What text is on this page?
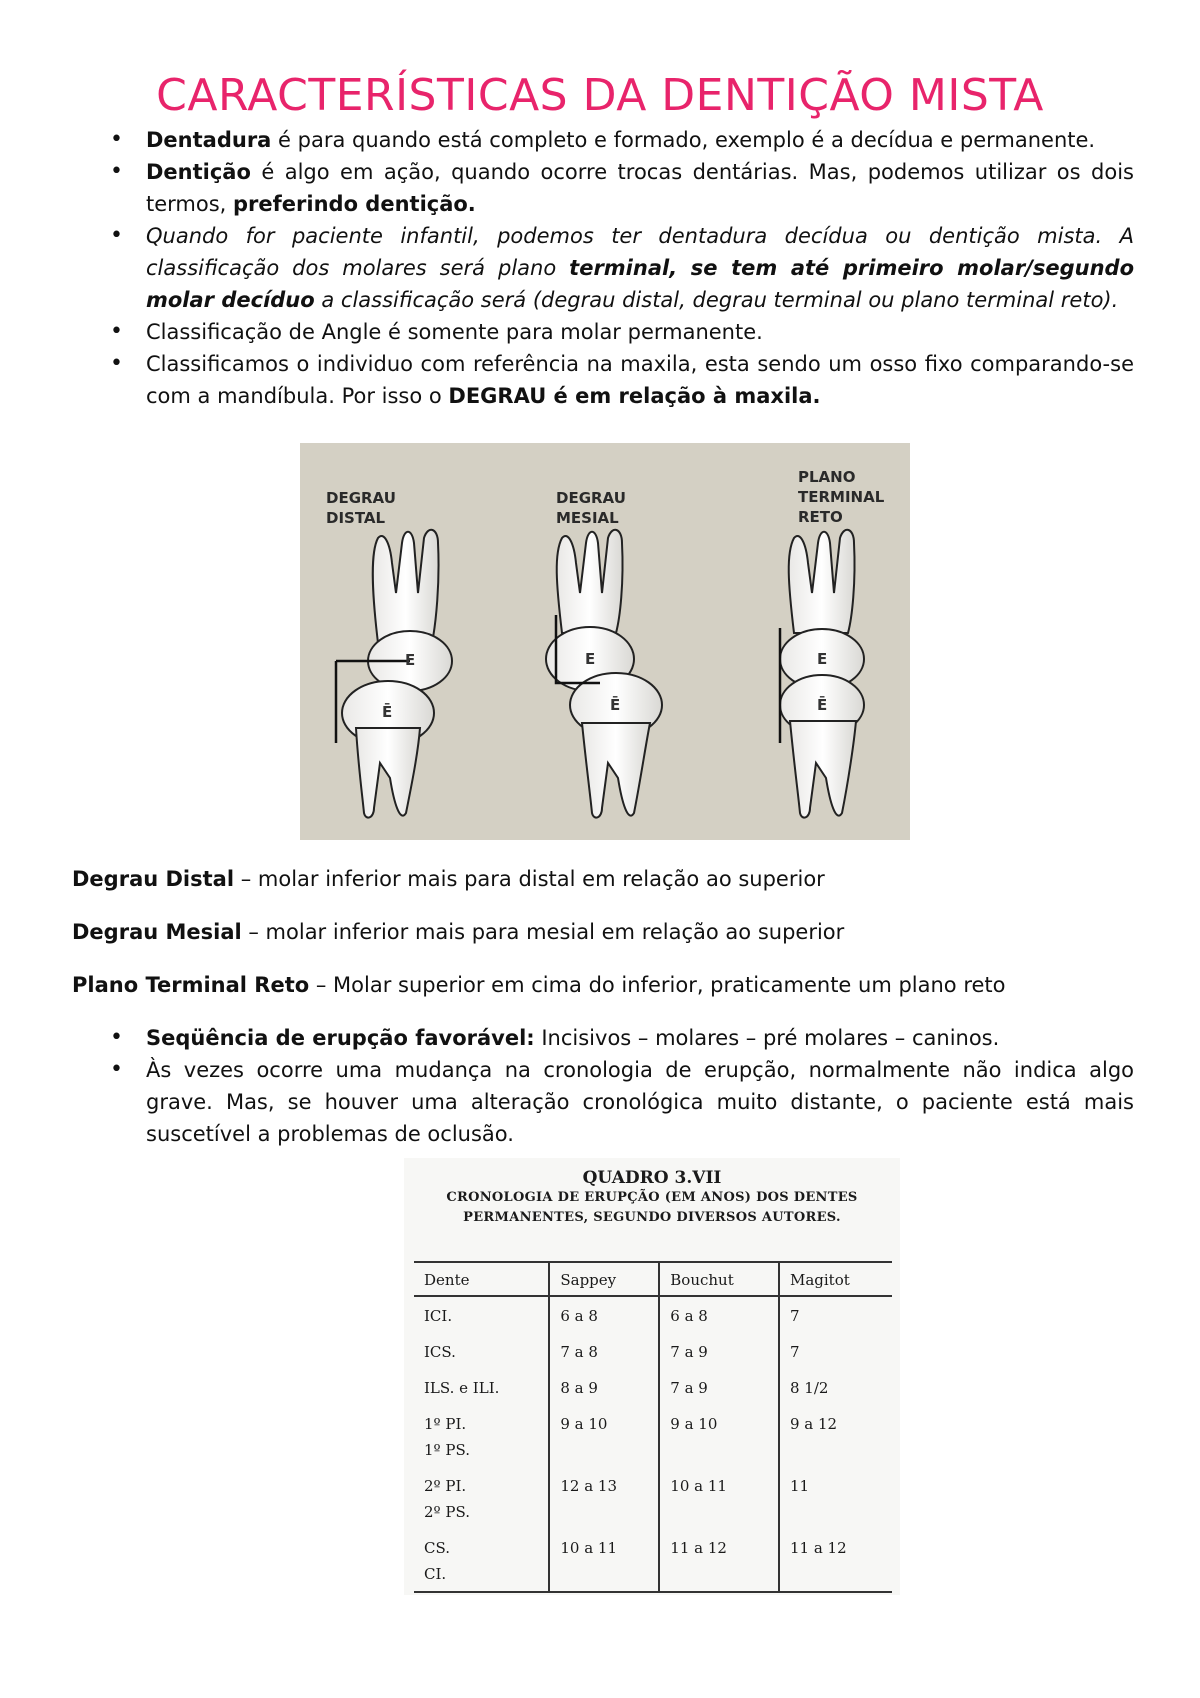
CARACTERÍSTICAS DA DENTIÇÃO MISTA
• Dentadura é para quando está completo e formado, exemplo é a decídua e permanente.
• Dentição é algo em ação, quando ocorre trocas dentárias. Mas, podemos utilizar os dois termos, preferindo dentição.
• Quando for paciente infantil, podemos ter dentadura decídua ou dentição mista. A classificação dos molares será plano terminal, se tem até primeiro molar/segundo molar decíduo a classificação será (degrau distal, degrau terminal ou plano terminal reto).
• Classificação de Angle é somente para molar permanente.
• Classificamos o individuo com referência na maxila, esta sendo um osso fixo comparando-se com a mandíbula. Por isso o DEGRAU é em relação à maxila.
DEGRAU
DISTAL
DEGRAU
MESIAL
PLANO
TERMINAL
RETO
E
Ē
E
Ē
E
Ē

Degrau Distal – molar inferior mais para distal em relação ao superior

Degrau Mesial – molar inferior mais para mesial em relação ao superior

Plano Terminal Reto – Molar superior em cima do inferior, praticamente um plano reto

• Seqüência de erupção favorável: Incisivos – molares – pré molares – caninos.
• Às vezes ocorre uma mudança na cronologia de erupção, normalmente não indica algo grave. Mas, se houver uma alteração cronológica muito distante, o paciente está mais suscetível a problemas de oclusão.
QUADRO 3.VII
CRONOLOGIA DE ERUPÇÃO (EM ANOS) DOS DENTES
PERMANENTES, SEGUNDO DIVERSOS AUTORES.
Dente	Sappey	Bouchut	Magitot
ICI.	6 a 8	6 a 8	7
ICS.	7 a 8	7 a 9	7
ILS. e ILI.	8 a 9	7 a 9	8 1/2
1º PI.
1º PS.	9 a 10	9 a 10	9 a 12
2º PI.
2º PS.	12 a 13	10 a 11	11
CS.
CI.	10 a 11	11 a 12	11 a 12
